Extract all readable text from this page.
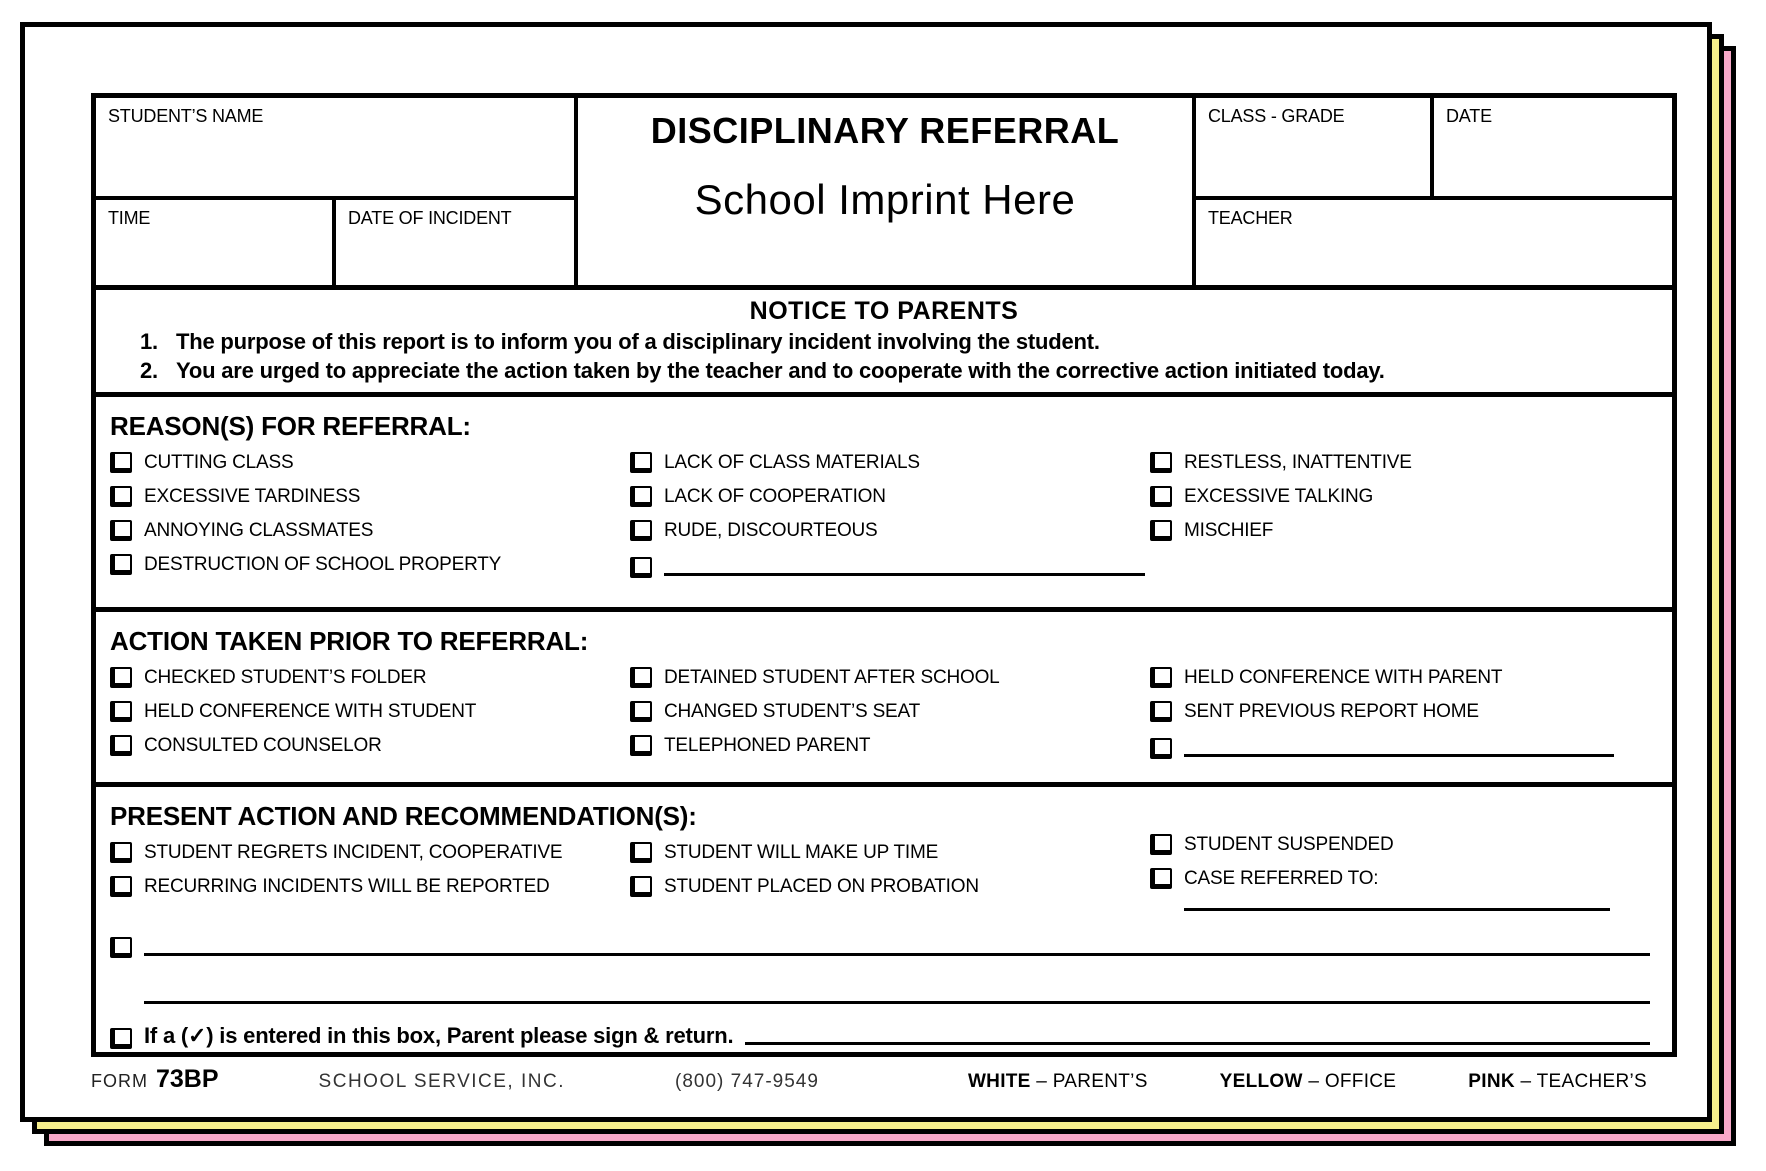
STUDENT’S NAME
TIME	DATE OF INCIDENT
DISCIPLINARY REFERRAL
School Imprint Here
CLASS - GRADE	DATE
TEACHER
NOTICE TO PARENTS
1. The purpose of this report is to inform you of a disciplinary incident involving the student.
2. You are urged to appreciate the action taken by the teacher and to cooperate with the corrective action initiated today.
REASON(S) FOR REFERRAL:
CUTTING CLASS
EXCESSIVE TARDINESS
ANNOYING CLASSMATES
DESTRUCTION OF SCHOOL PROPERTY
LACK OF CLASS MATERIALS
LACK OF COOPERATION
RUDE, DISCOURTEOUS
RESTLESS, INATTENTIVE
EXCESSIVE TALKING
MISCHIEF
ACTION TAKEN PRIOR TO REFERRAL:
CHECKED STUDENT’S FOLDER
HELD CONFERENCE WITH STUDENT
CONSULTED COUNSELOR
DETAINED STUDENT AFTER SCHOOL
CHANGED STUDENT’S SEAT
TELEPHONED PARENT
HELD CONFERENCE WITH PARENT
SENT PREVIOUS REPORT HOME
PRESENT ACTION AND RECOMMENDATION(S):
STUDENT REGRETS INCIDENT, COOPERATIVE
RECURRING INCIDENTS WILL BE REPORTED
STUDENT WILL MAKE UP TIME
STUDENT PLACED ON PROBATION
STUDENT SUSPENDED
CASE REFERRED TO:
If a (✓) is entered in this box, Parent please sign & return.
FORM 73BP	SCHOOL SERVICE, INC.	(800) 747-9549	WHITE – PARENT’S	YELLOW – OFFICE	PINK – TEACHER’S
